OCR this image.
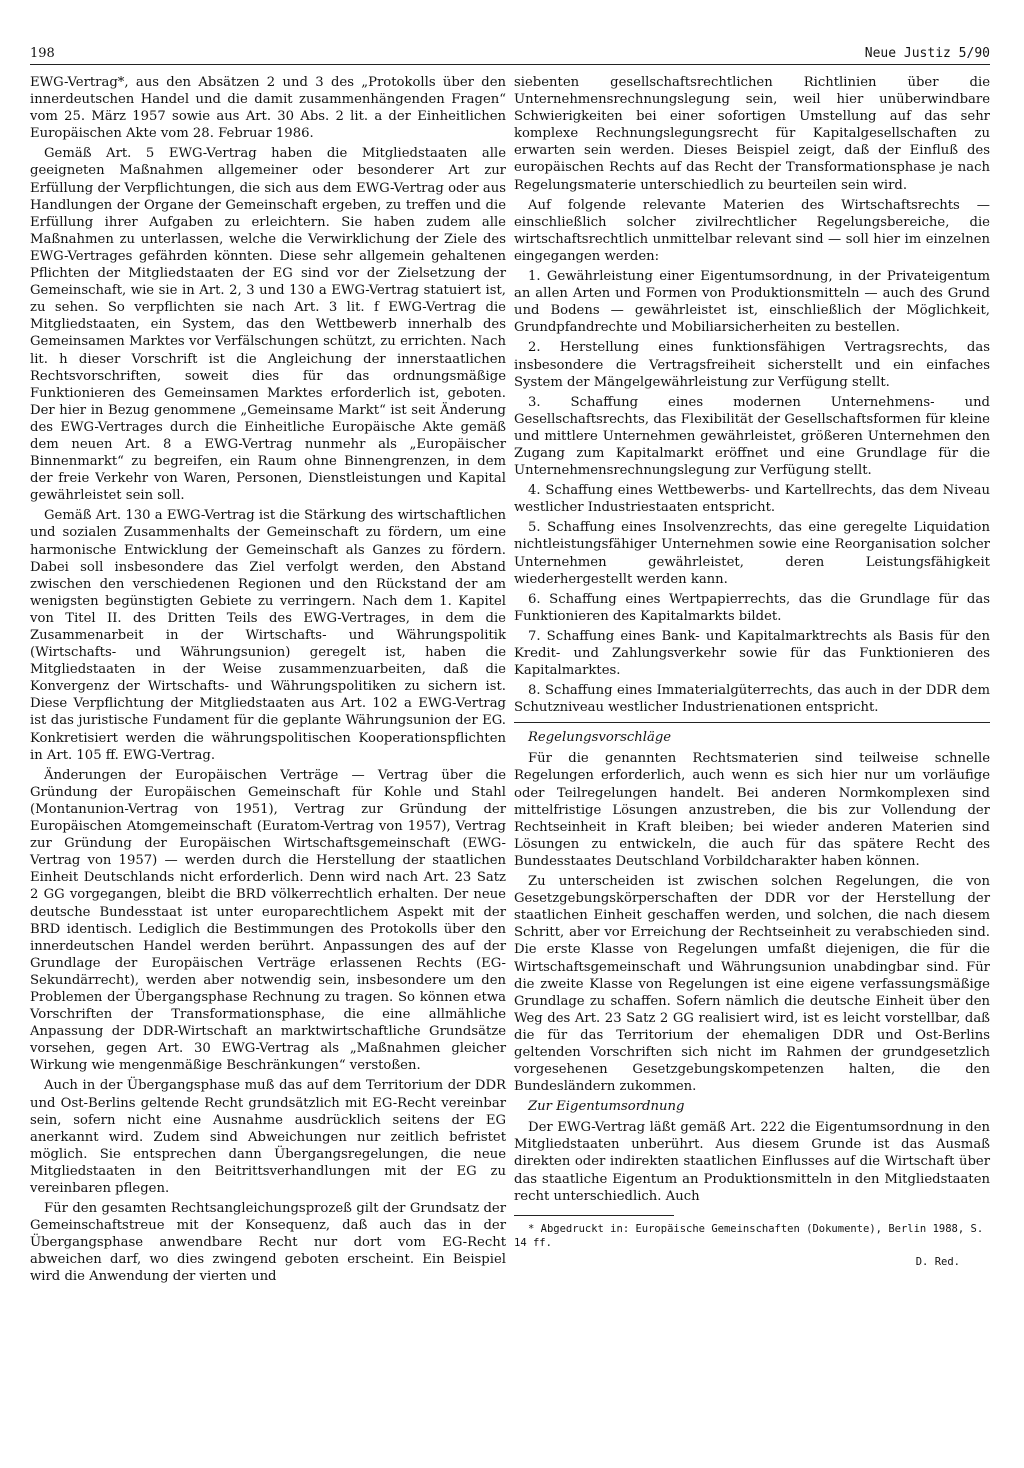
198	Neue Justiz 5/90

EWG-Vertrag*, aus den Absätzen 2 und 3 des „Protokolls über den innerdeutschen Handel und die damit zusammenhängenden Fragen“ vom 25. März 1957 sowie aus Art. 30 Abs. 2 lit. a der Einheitlichen Europäischen Akte vom 28. Februar 1986.

Gemäß Art. 5 EWG-Vertrag haben die Mitgliedstaaten alle geeigneten Maßnahmen allgemeiner oder besonderer Art zur Erfüllung der Verpflichtungen, die sich aus dem EWG-Vertrag oder aus Handlungen der Organe der Gemeinschaft ergeben, zu treffen und die Erfüllung ihrer Aufgaben zu erleichtern. Sie haben zudem alle Maßnahmen zu unterlassen, welche die Verwirklichung der Ziele des EWG-Vertrages gefährden könnten. Diese sehr allgemein gehaltenen Pflichten der Mitgliedstaaten der EG sind vor der Zielsetzung der Gemeinschaft, wie sie in Art. 2, 3 und 130 a EWG-Vertrag statuiert ist, zu sehen. So verpflichten sie nach Art. 3 lit. f EWG-Vertrag die Mitgliedstaaten, ein System, das den Wettbewerb innerhalb des Gemeinsamen Marktes vor Verfälschungen schützt, zu errichten. Nach lit. h dieser Vorschrift ist die Angleichung der innerstaatlichen Rechtsvorschriften, soweit dies für das ordnungsmäßige Funktionieren des Gemeinsamen Marktes erforderlich ist, geboten. Der hier in Bezug genommene „Gemeinsame Markt“ ist seit Änderung des EWG-Vertrages durch die Einheitliche Europäische Akte gemäß dem neuen Art. 8 a EWG-Vertrag nunmehr als „Europäischer Binnenmarkt“ zu begreifen, ein Raum ohne Binnengrenzen, in dem der freie Verkehr von Waren, Personen, Dienstleistungen und Kapital gewährleistet sein soll.

Gemäß Art. 130 a EWG-Vertrag ist die Stärkung des wirtschaftlichen und sozialen Zusammenhalts der Gemeinschaft zu fördern, um eine harmonische Entwicklung der Gemeinschaft als Ganzes zu fördern. Dabei soll insbesondere das Ziel verfolgt werden, den Abstand zwischen den verschiedenen Regionen und den Rückstand der am wenigsten begünstigten Gebiete zu verringern. Nach dem 1. Kapitel von Titel II. des Dritten Teils des EWG-Vertrages, in dem die Zusammenarbeit in der Wirtschafts- und Währungspolitik (Wirtschafts- und Währungsunion) geregelt ist, haben die Mitgliedstaaten in der Weise zusammenzuarbeiten, daß die Konvergenz der Wirtschafts- und Währungspolitiken zu sichern ist. Diese Verpflichtung der Mitgliedstaaten aus Art. 102 a EWG-Vertrag ist das juristische Fundament für die geplante Währungsunion der EG. Konkretisiert werden die währungspolitischen Kooperationspflichten in Art. 105 ff. EWG-Vertrag.

Änderungen der Europäischen Verträge — Vertrag über die Gründung der Europäischen Gemeinschaft für Kohle und Stahl (Montanunion-Vertrag von 1951), Vertrag zur Gründung der Europäischen Atomgemeinschaft (Euratom-Vertrag von 1957), Vertrag zur Gründung der Europäischen Wirtschaftsgemeinschaft (EWG-Vertrag von 1957) — werden durch die Herstellung der staatlichen Einheit Deutschlands nicht erforderlich. Denn wird nach Art. 23 Satz 2 GG vorgegangen, bleibt die BRD völkerrechtlich erhalten. Der neue deutsche Bundesstaat ist unter europarechtlichem Aspekt mit der BRD identisch. Lediglich die Bestimmungen des Protokolls über den innerdeutschen Handel werden berührt. Anpassungen des auf der Grundlage der Europäischen Verträge erlassenen Rechts (EG-Sekundärrecht), werden aber notwendig sein, insbesondere um den Problemen der Übergangsphase Rechnung zu tragen. So können etwa Vorschriften der Transformationsphase, die eine allmähliche Anpassung der DDR-Wirtschaft an marktwirtschaftliche Grundsätze vorsehen, gegen Art. 30 EWG-Vertrag als „Maßnahmen gleicher Wirkung wie mengenmäßige Beschränkungen“ verstoßen.

Auch in der Übergangsphase muß das auf dem Territorium der DDR und Ost-Berlins geltende Recht grundsätzlich mit EG-Recht vereinbar sein, sofern nicht eine Ausnahme ausdrücklich seitens der EG anerkannt wird. Zudem sind Abweichungen nur zeitlich befristet möglich. Sie entsprechen dann Übergangsregelungen, die neue Mitgliedstaaten in den Beitrittsverhandlungen mit der EG zu vereinbaren pflegen.

Für den gesamten Rechtsangleichungsprozeß gilt der Grundsatz der Gemeinschaftstreue mit der Konsequenz, daß auch das in der Übergangsphase anwendbare Recht nur dort vom EG-Recht abweichen darf, wo dies zwingend geboten erscheint. Ein Beispiel wird die Anwendung der vierten und

siebenten gesellschaftsrechtlichen Richtlinien über die Unternehmensrechnungslegung sein, weil hier unüberwindbare Schwierigkeiten bei einer sofortigen Umstellung auf das sehr komplexe Rechnungslegungsrecht für Kapitalgesellschaften zu erwarten sein werden. Dieses Beispiel zeigt, daß der Einfluß des europäischen Rechts auf das Recht der Transformationsphase je nach Regelungsmaterie unterschiedlich zu beurteilen sein wird.

Auf folgende relevante Materien des Wirtschaftsrechts — einschließlich solcher zivilrechtlicher Regelungsbereiche, die wirtschaftsrechtlich unmittelbar relevant sind — soll hier im einzelnen eingegangen werden:

1. Gewährleistung einer Eigentumsordnung, in der Privateigentum an allen Arten und Formen von Produktionsmitteln — auch des Grund und Bodens — gewährleistet ist, einschließlich der Möglichkeit, Grundpfandrechte und Mobiliarsicherheiten zu bestellen.

2. Herstellung eines funktionsfähigen Vertragsrechts, das insbesondere die Vertragsfreiheit sicherstellt und ein einfaches System der Mängelgewährleistung zur Verfügung stellt.

3. Schaffung eines modernen Unternehmens- und Gesellschaftsrechts, das Flexibilität der Gesellschaftsformen für kleine und mittlere Unternehmen gewährleistet, größeren Unternehmen den Zugang zum Kapitalmarkt eröffnet und eine Grundlage für die Unternehmensrechnungslegung zur Verfügung stellt.

4. Schaffung eines Wettbewerbs- und Kartellrechts, das dem Niveau westlicher Industriestaaten entspricht.

5. Schaffung eines Insolvenzrechts, das eine geregelte Liquidation nichtleistungsfähiger Unternehmen sowie eine Reorganisation solcher Unternehmen gewährleistet, deren Leistungsfähigkeit wiederhergestellt werden kann.

6. Schaffung eines Wertpapierrechts, das die Grundlage für das Funktionieren des Kapitalmarkts bildet.

7. Schaffung eines Bank- und Kapitalmarktrechts als Basis für den Kredit- und Zahlungsverkehr sowie für das Funktionieren des Kapitalmarktes.

8. Schaffung eines Immaterialgüterrechts, das auch in der DDR dem Schutzniveau westlicher Industrienationen entspricht.

Regelungsvorschläge

Für die genannten Rechtsmaterien sind teilweise schnelle Regelungen erforderlich, auch wenn es sich hier nur um vorläufige oder Teilregelungen handelt. Bei anderen Normkomplexen sind mittelfristige Lösungen anzustreben, die bis zur Vollendung der Rechtseinheit in Kraft bleiben; bei wieder anderen Materien sind Lösungen zu entwickeln, die auch für das spätere Recht des Bundesstaates Deutschland Vorbildcharakter haben können.

Zu unterscheiden ist zwischen solchen Regelungen, die von Gesetzgebungskörperschaften der DDR vor der Herstellung der staatlichen Einheit geschaffen werden, und solchen, die nach diesem Schritt, aber vor Erreichung der Rechtseinheit zu verabschieden sind. Die erste Klasse von Regelungen umfaßt diejenigen, die für die Wirtschaftsgemeinschaft und Währungsunion unabdingbar sind. Für die zweite Klasse von Regelungen ist eine eigene verfassungsmäßige Grundlage zu schaffen. Sofern nämlich die deutsche Einheit über den Weg des Art. 23 Satz 2 GG realisiert wird, ist es leicht vorstellbar, daß die für das Territorium der ehemaligen DDR und Ost-Berlins geltenden Vorschriften sich nicht im Rahmen der grundgesetzlich vorgesehenen Gesetzgebungskompetenzen halten, die den Bundesländern zukommen.

Zur Eigentumsordnung

Der EWG-Vertrag läßt gemäß Art. 222 die Eigentumsordnung in den Mitgliedstaaten unberührt. Aus diesem Grunde ist das Ausmaß direkten oder indirekten staatlichen Einflusses auf die Wirtschaft über das staatliche Eigentum an Produktionsmitteln in den Mitgliedstaaten recht unterschiedlich. Auch

* Abgedruckt in: Europäische Gemeinschaften (Dokumente), Berlin 1988, S. 14 ff.

D. Red.
